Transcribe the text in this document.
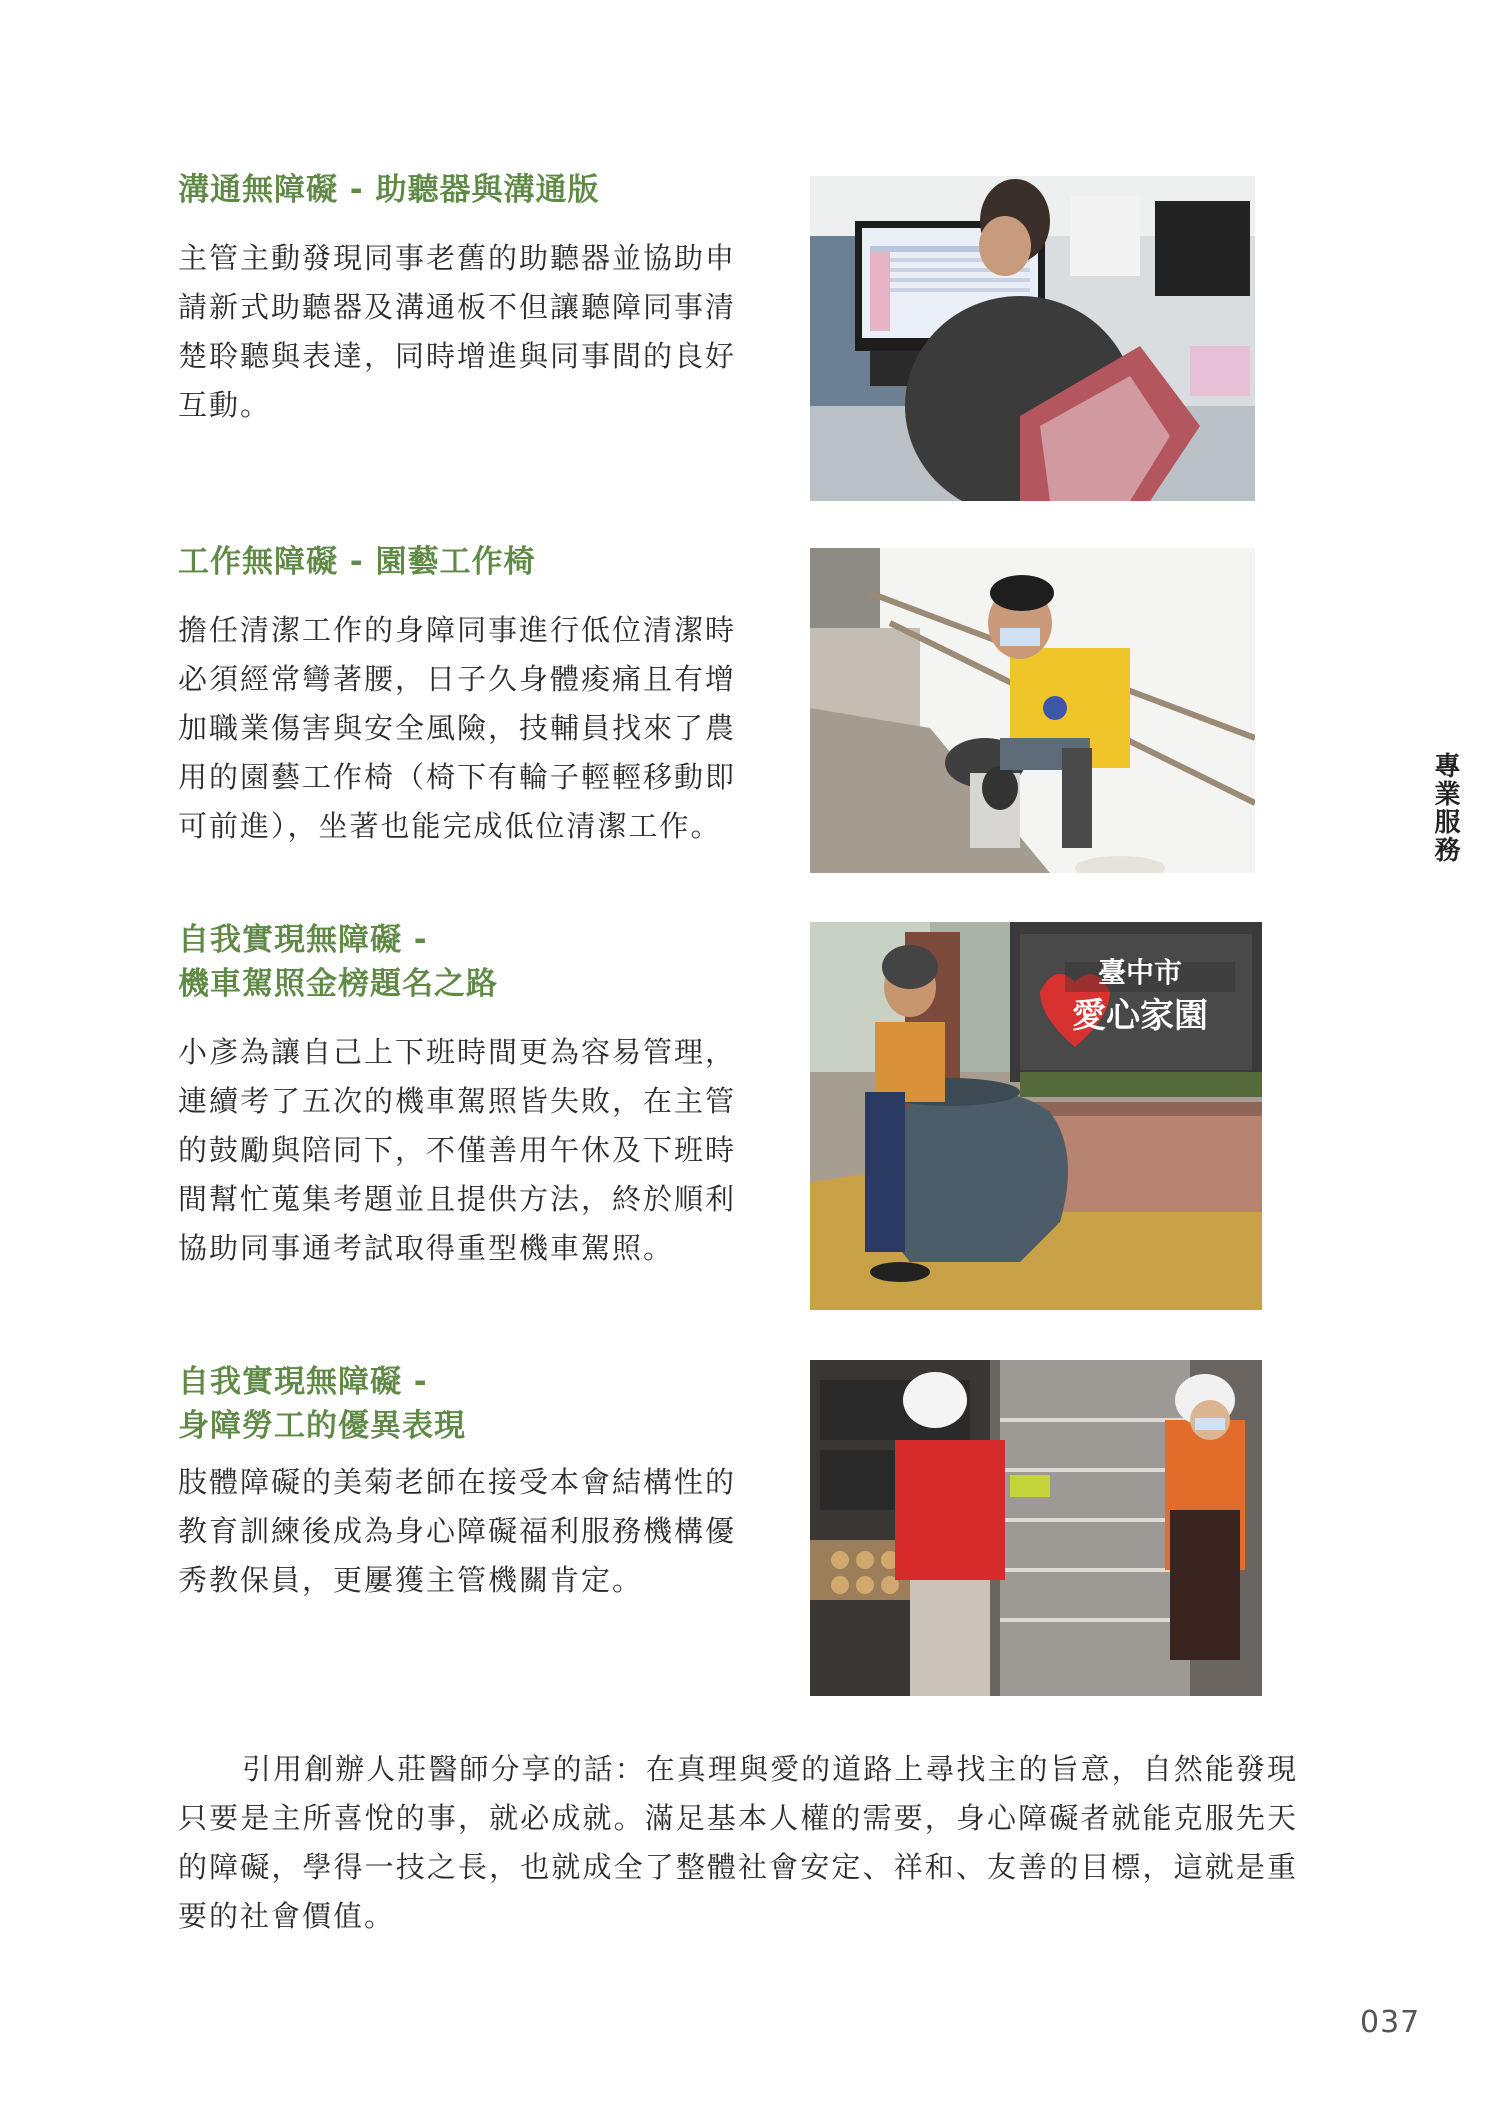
溝通無障礙 - 助聽器與溝通版

主管主動發現同事老舊的助聽器並協助申請新式助聽器及溝通板不但讓聽障同事清楚聆聽與表達，同時增進與同事間的良好互動。

工作無障礙 - 園藝工作椅

擔任清潔工作的身障同事進行低位清潔時必須經常彎著腰，日子久身體痠痛且有增加職業傷害與安全風險，技輔員找來了農用的園藝工作椅（椅下有輪子輕輕移動即可前進），坐著也能完成低位清潔工作。

自我實現無障礙 -
機車駕照金榜題名之路

小彥為讓自己上下班時間更為容易管理，連續考了五次的機車駕照皆失敗，在主管的鼓勵與陪同下，不僅善用午休及下班時間幫忙蒐集考題並且提供方法，終於順利協助同事通考試取得重型機車駕照。

自我實現無障礙 -
身障勞工的優異表現

肢體障礙的美菊老師在接受本會結構性的教育訓練後成為身心障礙福利服務機構優秀教保員，更屢獲主管機關肯定。

臺中市
愛心家園
專業服務

引用創辦人莊醫師分享的話：在真理與愛的道路上尋找主的旨意，自然能發現只要是主所喜悅的事，就必成就。滿足基本人權的需要，身心障礙者就能克服先天的障礙，學得一技之長，也就成全了整體社會安定、祥和、友善的目標，這就是重要的社會價值。

037
